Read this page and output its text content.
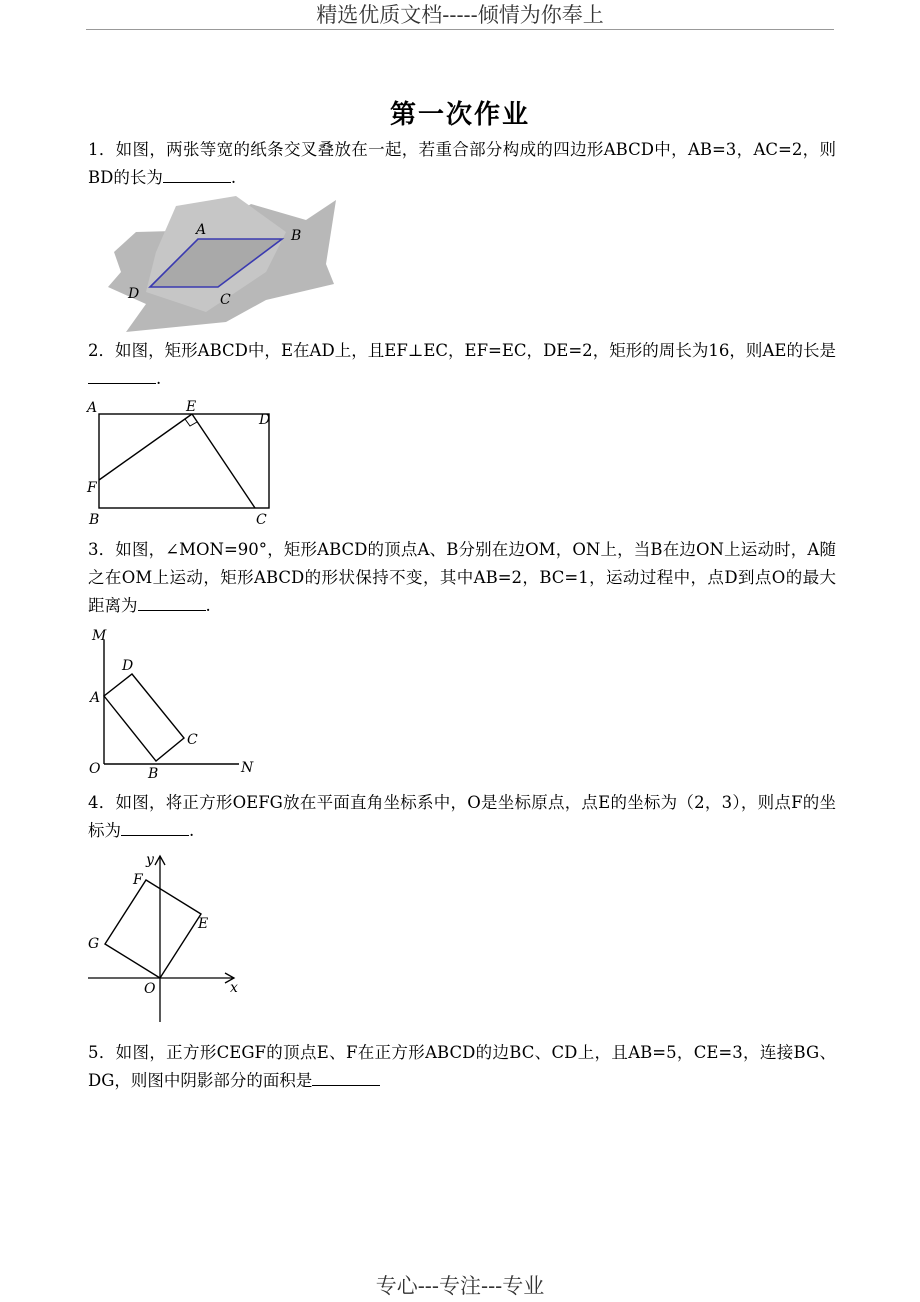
精选优质文档-----倾情为你奉上
第一次作业

1．如图，两张等宽的纸条交叉叠放在一起，若重合部分构成的四边形ABCD中，AB=3，AC=2，则BD的长为	.

A	B
C
D

2．如图，矩形ABCD中，E在AD上，且EF⊥EC，EF=EC，DE=2，矩形的周长为16，则AE的长是.

A	E
D
F
B	C

3．如图，∠MON=90°，矩形ABCD的顶点A、B分别在边OM，ON上，当B在边ON上运动时，A随之在OM上运动，矩形ABCD的形状保持不变，其中AB=2，BC=1，运动过程中，点D到点O的最大距离为	.

M
D
A
C
O	B	N

4．如图，将正方形OEFG放在平面直角坐标系中，O是坐标原点，点E的坐标为（2，3），则点F的坐标为	.

y
F
E
G
O	x

5．如图，正方形CEGF的顶点E、F在正方形ABCD的边BC、CD上，且AB=5，CE=3，连接BG、DG，则图中阴影部分的面积是

专心---专注---专业
